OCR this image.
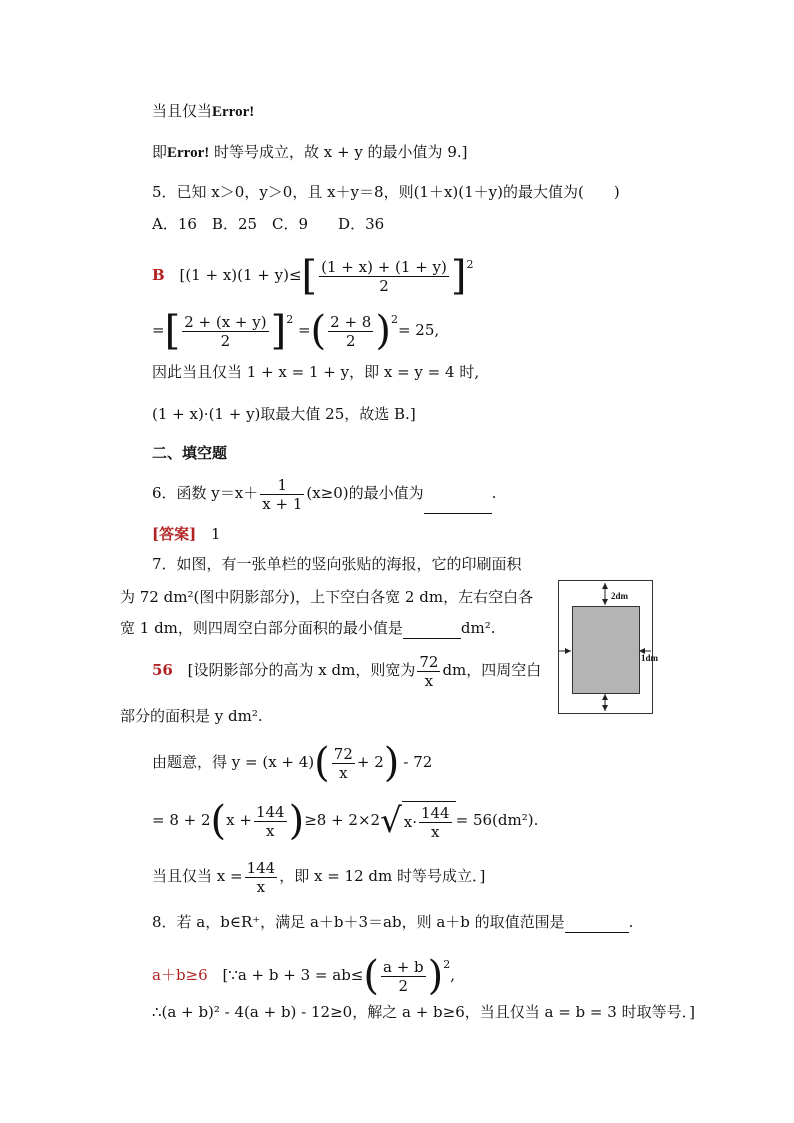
当且仅当Error!
即Error! 时等号成立，故 x + y 的最小值为 9.]
5．已知 x＞0，y＞0，且 x＋y＝8，则(1＋x)(1＋y)的最大值为(　　)
A．16　B．25　C．9　　D．36
B [$(1 + x)(1 + y)\le[ \frac{(1 + x) + (1 + y)}{2} ]^2$
=[ $\frac{2 + (x + y)}{2} ]^2$ =( $\frac{2 + 8}{2} )^2= 25$,
因此当且仅当 1 + x = 1 + y，即 x = y = 4 时,
(1 + x)·(1 + y)取最大值 25，故选 B.]
二、填空题
6．函数 $y=x+ \frac{1}{x + 1} (x\ge 0)$的最小值为	.
[答案] 1
7．如图，有一张单栏的竖向张贴的海报，它的印刷面积
为 72 dm²(图中阴影部分)，上下空白各宽 2 dm，左右空白各
宽 1 dm，则四周空白部分面积的最小值是	dm².
56 [设阴影部分的高为 x dm，则宽为 $\frac{72}{x}$ dm，四周空白
部分的面积是 y dm².
由题意，得 $y = (x + 4)( \frac{72}{x} + 2) - 72$
= $8 + 2(x + \frac{144}{x} )\ge 8 + 2\times 2√$ $x\cdot \frac{144}{x} = 56(dm^2)$.
当且仅当 $x = \frac{144}{x}$ ，即 x = 12 dm 时等号成立．]
2dm
1dm
8．若 a，b∈R⁺，满足 a＋b＋3＝ab，则 a＋b 的取值范围是	.
a＋b≥6 [∵a + $b + 3 = ab\le( \frac{a + b}{2} )^2$,
∴(a + b)² - 4(a + b) - 12≥0，解之 a + b≥6，当且仅当 a = b = 3 时取等号．]
